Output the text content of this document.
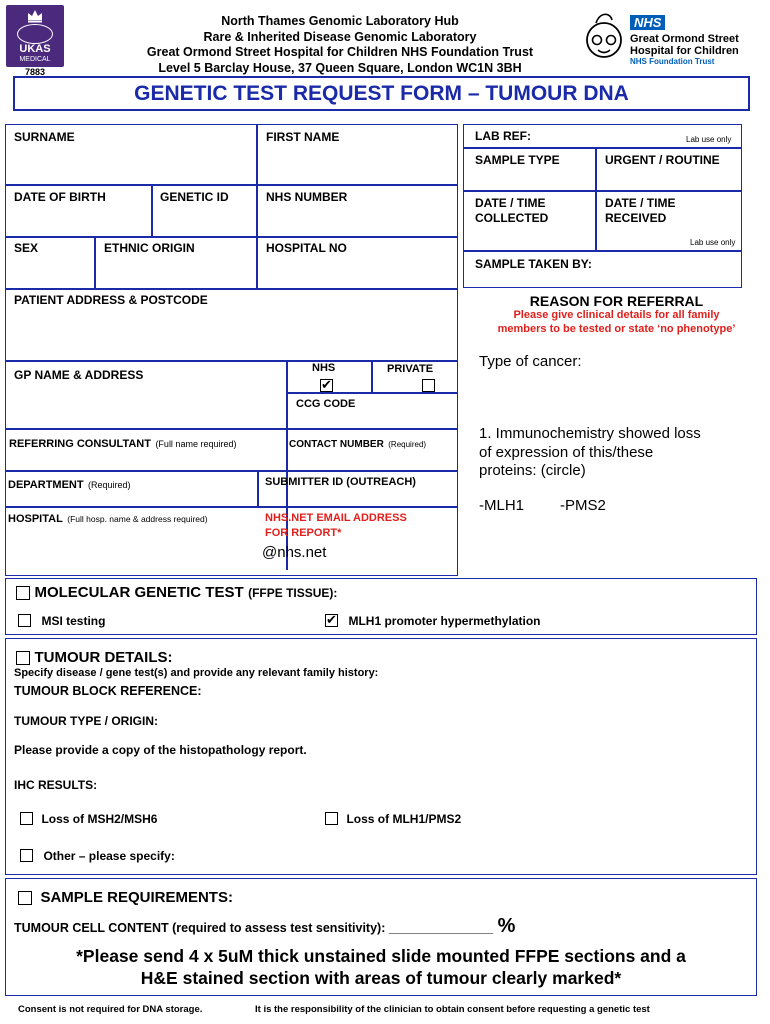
UKAS
MEDICAL
7883
North Thames Genomic Laboratory Hub
Rare & Inherited Disease Genomic Laboratory
Great Ormond Street Hospital for Children NHS Foundation Trust
Level 5 Barclay House, 37 Queen Square, London WC1N 3BH
NHS
Great Ormond Street
Hospital for Children
NHS Foundation Trust
GENETIC TEST REQUEST FORM – TUMOUR DNA
SURNAME	FIRST NAME
DATE OF BIRTH	GENETIC ID	NHS NUMBER
SEX	ETHNIC ORIGIN	HOSPITAL NO
PATIENT ADDRESS & POSTCODE
GP NAME & ADDRESS	NHS
✔	PRIVATE
CCG CODE
REFERRING CONSULTANT (Full name required)	CONTACT NUMBER (Required)
DEPARTMENT (Required)	SUBMITTER ID (OUTREACH)
HOSPITAL (Full hosp. name & address required)	NHS.NET EMAIL ADDRESS
FOR REPORT*
@nhs.net
LAB REF:	Lab use only
SAMPLE TYPE	URGENT / ROUTINE
DATE / TIME
COLLECTED
DATE / TIME
RECEIVED
Lab use only
SAMPLE TAKEN BY:
REASON FOR REFERRAL
Please give clinical details for all family
members to be tested or state ‘no phenotype’
Type of cancer:
1. Immunochemistry showed loss
of expression of this/these
proteins: (circle)
-MLH1 -PMS2
MOLECULAR GENETIC TEST (FFPE TISSUE):
MSI testing
✔	MLH1 promoter hypermethylation
TUMOUR DETAILS:
Specify disease / gene test(s) and provide any relevant family history:
TUMOUR BLOCK REFERENCE:
TUMOUR TYPE / ORIGIN:
Please provide a copy of the histopathology report.
IHC RESULTS:
Loss of MSH2/MSH6	Loss of MLH1/PMS2
Other – please specify:
SAMPLE REQUIREMENTS:
TUMOUR CELL CONTENT (required to assess test sensitivity): _______________ %
*Please send 4 x 5uM thick unstained slide mounted FFPE sections and a
H&E stained section with areas of tumour clearly marked*
Consent is not required for DNA storage.	It is the responsibility of the clinician to obtain consent before requesting a genetic test
